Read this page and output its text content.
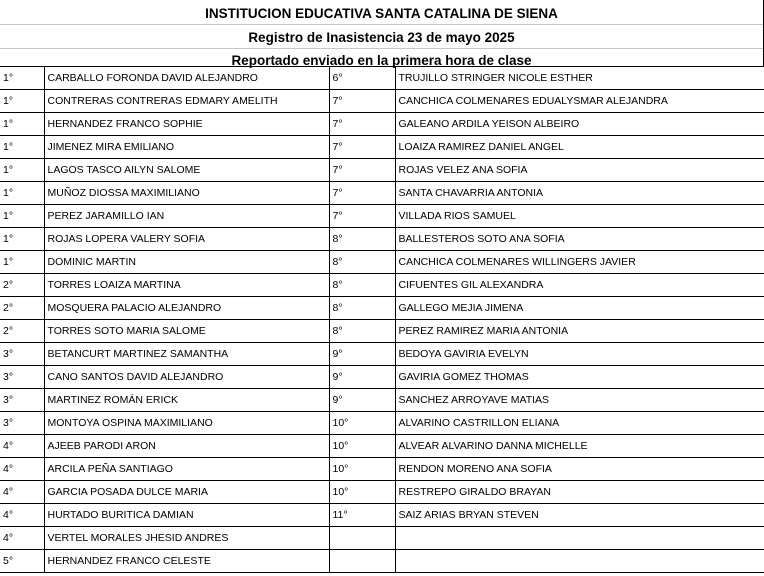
INSTITUCION EDUCATIVA SANTA CATALINA DE SIENA
Registro de Inasistencia 23 de mayo 2025
Reportado enviado en la primera hora de clase
1°	CARBALLO FORONDA DAVID ALEJANDRO	6°	TRUJILLO STRINGER NICOLE ESTHER
1°	CONTRERAS CONTRERAS EDMARY AMELITH	7°	CANCHICA COLMENARES EDUALYSMAR ALEJANDRA
1°	HERNANDEZ FRANCO SOPHIE	7°	GALEANO ARDILA YEISON ALBEIRO
1°	JIMENEZ MIRA EMILIANO	7°	LOAIZA RAMIREZ DANIEL ANGEL
1°	LAGOS TASCO AILYN SALOME	7°	ROJAS VELEZ ANA SOFIA
1°	MUÑOZ DIOSSA MAXIMILIANO	7°	SANTA CHAVARRIA ANTONIA
1°	PEREZ JARAMILLO IAN	7°	VILLADA RIOS SAMUEL
1°	ROJAS LOPERA VALERY SOFIA	8°	BALLESTEROS SOTO ANA SOFIA
1°	DOMINIC MARTIN	8°	CANCHICA COLMENARES WILLINGERS JAVIER
2°	TORRES LOAIZA MARTINA	8°	CIFUENTES GIL ALEXANDRA
2°	MOSQUERA PALACIO ALEJANDRO	8°	GALLEGO MEJIA JIMENA
2°	TORRES SOTO MARIA SALOME	8°	PEREZ RAMIREZ MARIA ANTONIA
3°	BETANCURT MARTINEZ SAMANTHA	9°	BEDOYA GAVIRIA EVELYN
3°	CANO SANTOS DAVID ALEJANDRO	9°	GAVIRIA GOMEZ THOMAS
3°	MARTINEZ ROMÁN ERICK	9°	SANCHEZ ARROYAVE MATIAS
3°	MONTOYA OSPINA MAXIMILIANO	10°	ALVARINO CASTRILLON ELIANA
4°	AJEEB PARODI ARON	10°	ALVEAR ALVARINO DANNA MICHELLE
4°	ARCILA PEÑA SANTIAGO	10°	RENDON MORENO ANA SOFIA
4°	GARCIA POSADA DULCE MARIA	10°	RESTREPO GIRALDO BRAYAN
4°	HURTADO BURITICA DAMIAN	11°	SAIZ ARIAS BRYAN STEVEN
4°	VERTEL MORALES JHESID ANDRES		
5°	HERNANDEZ FRANCO CELESTE		
